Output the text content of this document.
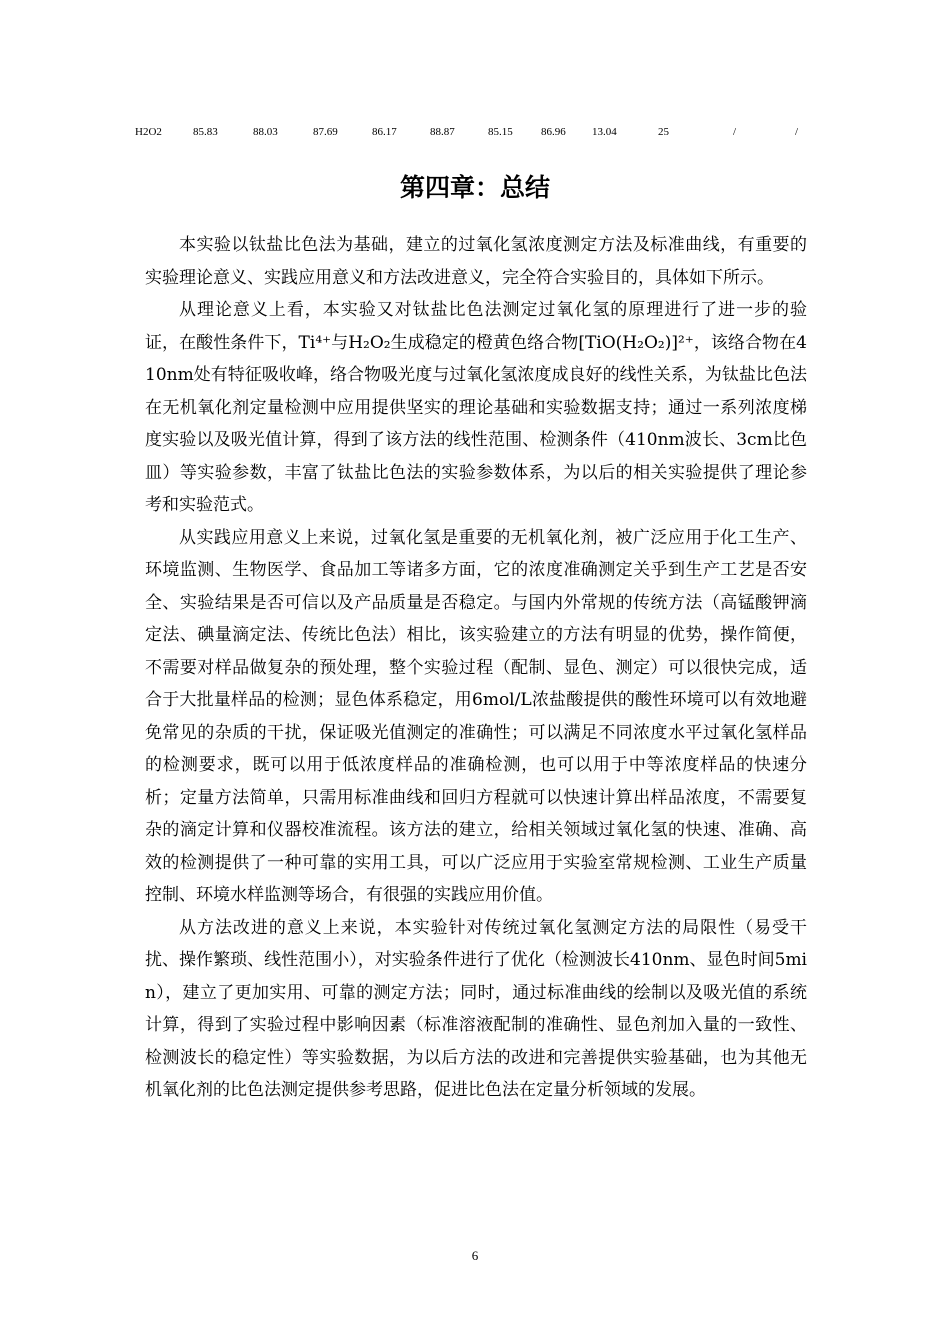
H2O2	85.83	88.03	87.69	86.17	88.87	85.15	86.96 13.04	25	/	/
第四章：总结

本实验以钛盐比色法为基础，建立的过氧化氢浓度测定方法及标准曲线，有重要的实验理论意义、实践应用意义和方法改进意义，完全符合实验目的，具体如下所示。

从理论意义上看，本实验又对钛盐比色法测定过氧化氢的原理进行了进一步的验证，在酸性条件下，Ti⁴⁺与H₂O₂生成稳定的橙黄色络合物[TiO(H₂O₂)]²⁺，该络合物在410nm处有特征吸收峰，络合物吸光度与过氧化氢浓度成良好的线性关系，为钛盐比色法在无机氧化剂定量检测中应用提供坚实的理论基础和实验数据支持；通过一系列浓度梯度实验以及吸光值计算，得到了该方法的线性范围、检测条件（410nm波长、3cm比色皿）等实验参数，丰富了钛盐比色法的实验参数体系，为以后的相关实验提供了理论参考和实验范式。

从实践应用意义上来说，过氧化氢是重要的无机氧化剂，被广泛应用于化工生产、环境监测、生物医学、食品加工等诸多方面，它的浓度准确测定关乎到生产工艺是否安全、实验结果是否可信以及产品质量是否稳定。与国内外常规的传统方法（高锰酸钾滴定法、碘量滴定法、传统比色法）相比，该实验建立的方法有明显的优势，操作简便，不需要对样品做复杂的预处理，整个实验过程（配制、显色、测定）可以很快完成，适合于大批量样品的检测；显色体系稳定，用6mol/L浓盐酸提供的酸性环境可以有效地避免常见的杂质的干扰，保证吸光值测定的准确性；可以满足不同浓度水平过氧化氢样品的检测要求，既可以用于低浓度样品的准确检测，也可以用于中等浓度样品的快速分析；定量方法简单，只需用标准曲线和回归方程就可以快速计算出样品浓度，不需要复杂的滴定计算和仪器校准流程。该方法的建立，给相关领域过氧化氢的快速、准确、高效的检测提供了一种可靠的实用工具，可以广泛应用于实验室常规检测、工业生产质量控制、环境水样监测等场合，有很强的实践应用价值。

从方法改进的意义上来说，本实验针对传统过氧化氢测定方法的局限性（易受干扰、操作繁琐、线性范围小），对实验条件进行了优化（检测波长410nm、显色时间5min），建立了更加实用、可靠的测定方法；同时，通过标准曲线的绘制以及吸光值的系统计算，得到了实验过程中影响因素（标准溶液配制的准确性、显色剂加入量的一致性、检测波长的稳定性）等实验数据，为以后方法的改进和完善提供实验基础，也为其他无机氧化剂的比色法测定提供参考思路，促进比色法在定量分析领域的发展。

6
